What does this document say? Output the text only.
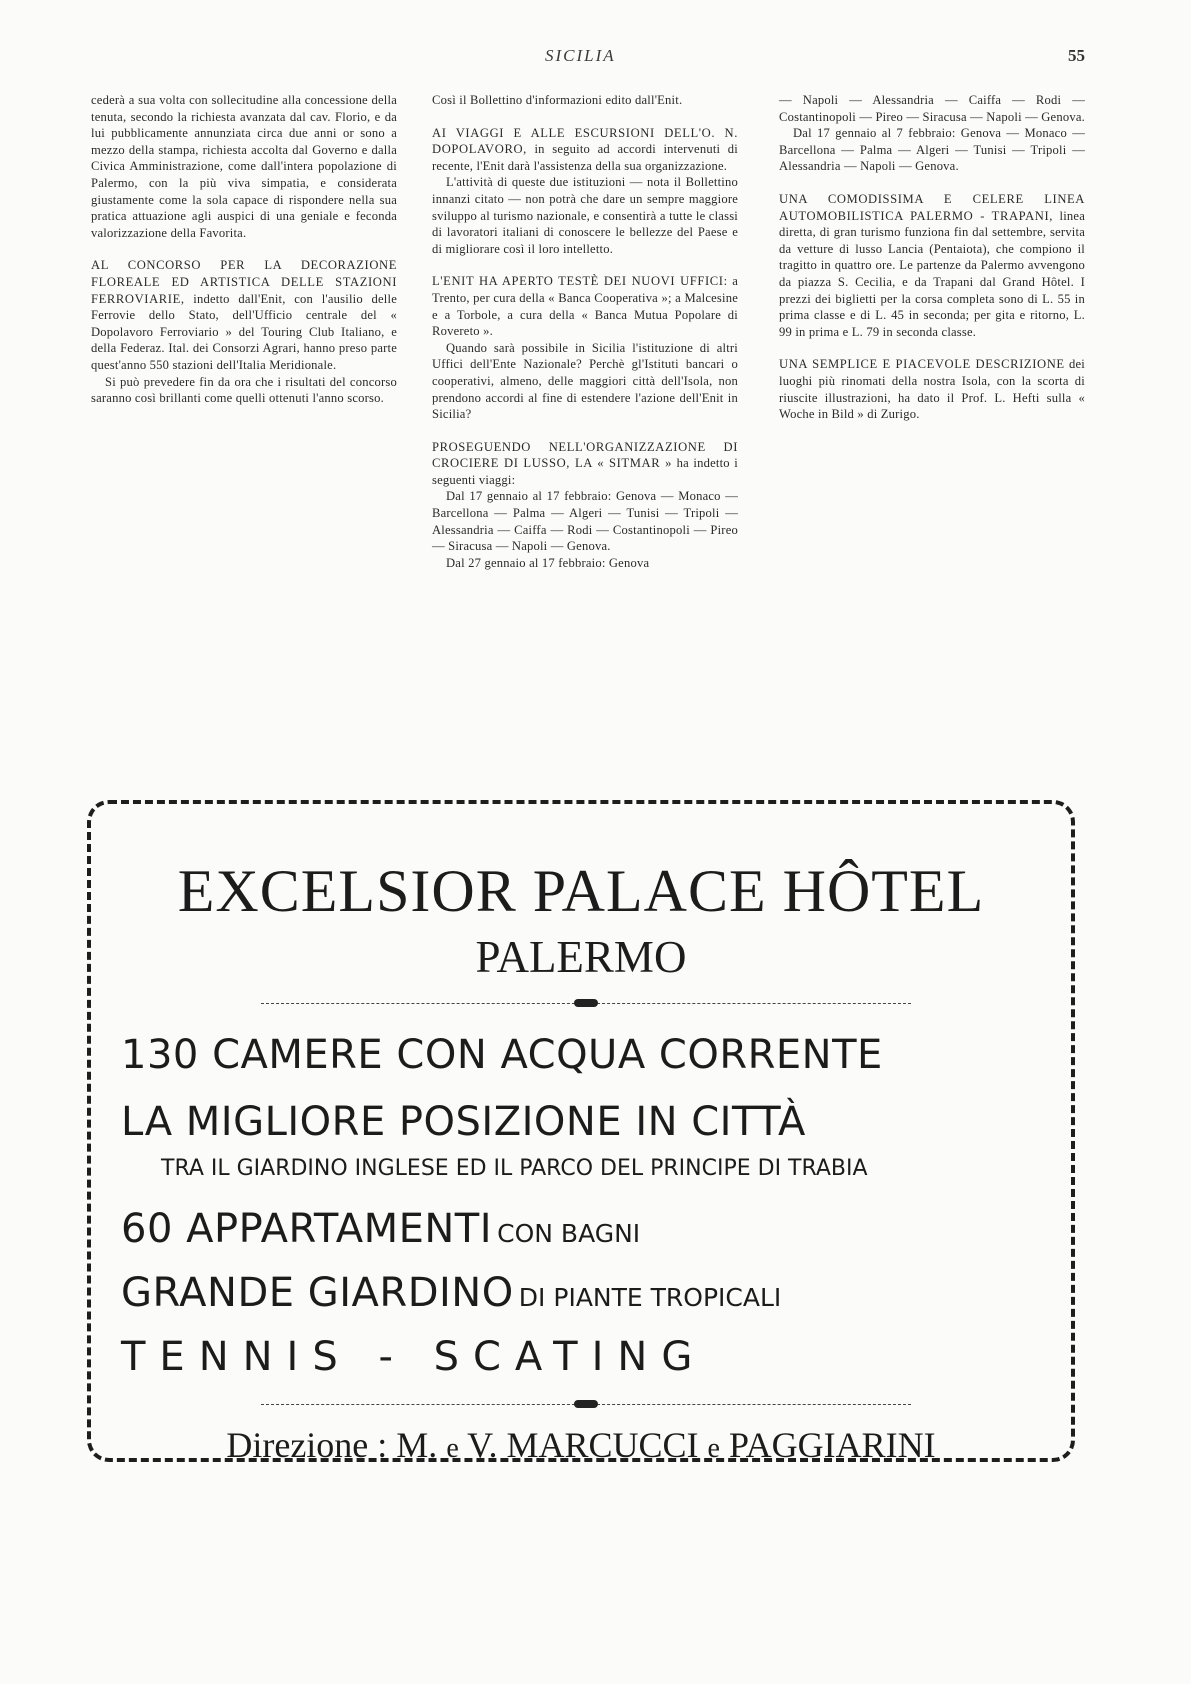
SICILIA	55

cederà a sua volta con sollecitudine alla concessione della tenuta, secondo la richiesta avanzata dal cav. Florio, e da lui pubblicamente annunziata circa due anni or sono a mezzo della stampa, richiesta accolta dal Governo e dalla Civica Amministrazione, come dall'intera popolazione di Palermo, con la più viva simpatia, e considerata giustamente come la sola capace di rispondere nella sua pratica attuazione agli auspici di una geniale e feconda valorizzazione della Favorita.

AL CONCORSO PER LA DECORAZIONE FLOREALE ED ARTISTICA DELLE STAZIONI FERROVIARIE, indetto dall'Enit, con l'ausilio delle Ferrovie dello Stato, dell'Ufficio centrale del « Dopolavoro Ferroviario » del Touring Club Italiano, e della Federaz. Ital. dei Consorzi Agrari, hanno preso parte quest'anno 550 stazioni dell'Italia Meridionale.

Si può prevedere fin da ora che i risultati del concorso saranno così brillanti come quelli ottenuti l'anno scorso.

Così il Bollettino d'informazioni edito dall'Enit.

AI VIAGGI E ALLE ESCURSIONI DELL'O. N. DOPOLAVORO, in seguito ad accordi intervenuti di recente, l'Enit darà l'assistenza della sua organizzazione.

L'attività di queste due istituzioni — nota il Bollettino innanzi citato — non potrà che dare un sempre maggiore sviluppo al turismo nazionale, e consentirà a tutte le classi di lavoratori italiani di conoscere le bellezze del Paese e di migliorare così il loro intelletto.

L'ENIT HA APERTO TESTÈ DEI NUOVI UFFICI: a Trento, per cura della « Banca Cooperativa »; a Malcesine e a Torbole, a cura della « Banca Mutua Popolare di Rovereto ».

Quando sarà possibile in Sicilia l'istituzione di altri Uffici dell'Ente Nazionale? Perchè gl'Istituti bancari o cooperativi, almeno, delle maggiori città dell'Isola, non prendono accordi al fine di estendere l'azione dell'Enit in Sicilia?

PROSEGUENDO NELL'ORGANIZZAZIONE DI CROCIERE DI LUSSO, LA « SITMAR » ha indetto i seguenti viaggi:

Dal 17 gennaio al 17 febbraio: Genova — Monaco — Barcellona — Palma — Algeri — Tunisi — Tripoli — Alessandria — Caiffa — Rodi — Costantinopoli — Pireo — Siracusa — Napoli — Genova.

Dal 27 gennaio al 17 febbraio: Genova

— Napoli — Alessandria — Caiffa — Rodi — Costantinopoli — Pireo — Siracusa — Napoli — Genova.

Dal 17 gennaio al 7 febbraio: Genova — Monaco — Barcellona — Palma — Algeri — Tunisi — Tripoli — Alessandria — Napoli — Genova.

UNA COMODISSIMA E CELERE LINEA AUTOMOBILISTICA PALERMO - TRAPANI, linea diretta, di gran turismo funziona fin dal settembre, servita da vetture di lusso Lancia (Pentaiota), che compiono il tragitto in quattro ore. Le partenze da Palermo avvengono da piazza S. Cecilia, e da Trapani dal Grand Hôtel. I prezzi dei biglietti per la corsa completa sono di L. 55 in prima classe e di L. 45 in seconda; per gita e ritorno, L. 99 in prima e L. 79 in seconda classe.

UNA SEMPLICE E PIACEVOLE DESCRIZIONE dei luoghi più rinomati della nostra Isola, con la scorta di riuscite illustrazioni, ha dato il Prof. L. Hefti sulla « Woche in Bild » di Zurigo.

EXCELSIOR PALACE HÔTEL
PALERMO
130 CAMERE CON ACQUA CORRENTE
LA MIGLIORE POSIZIONE IN CITTÀ
TRA IL GIARDINO INGLESE ED IL PARCO DEL PRINCIPE DI TRABIA
60 APPARTAMENTI CON BAGNI
GRANDE GIARDINO DI PIANTE TROPICALI
TENNIS - SCATING
Direzione : M. e V. MARCUCCI e PAGGIARINI
